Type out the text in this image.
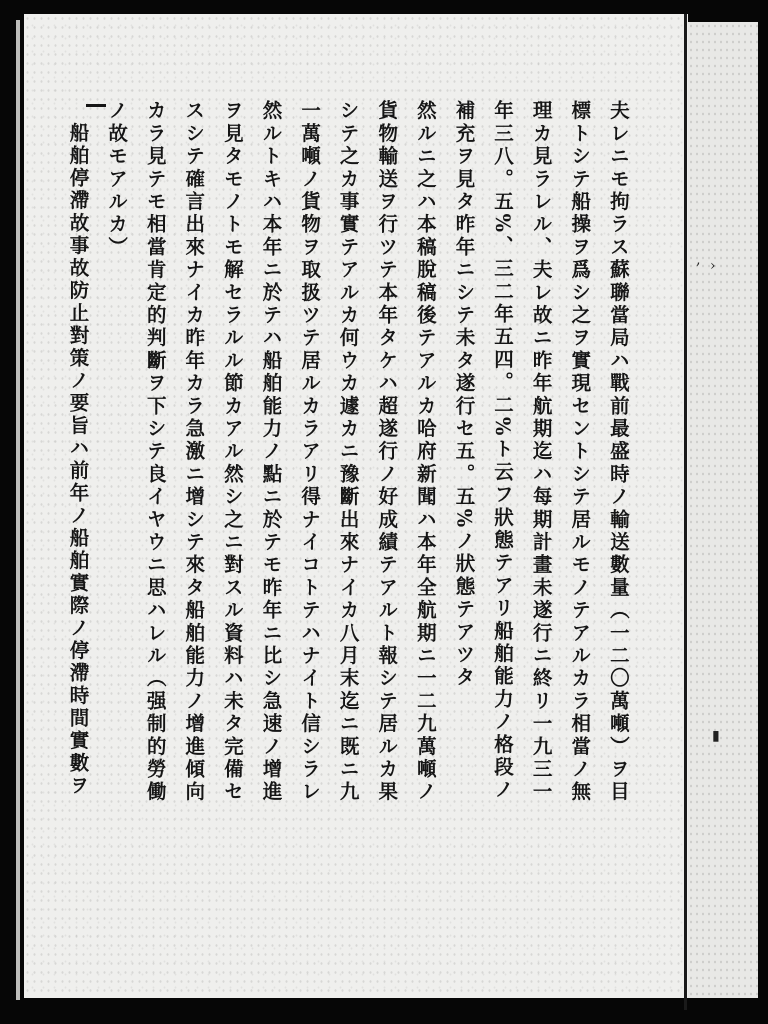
夫レニモ拘ラス蘇聯當局ハ戰前最盛時ノ輸送數量（一二〇萬噸）ヲ目
標トシテ船操ヲ爲シ之ヲ實現セントシテ居ルモノテアルカラ相當ノ無
理カ見ラレル、夫レ故ニ昨年航期迄ハ每期計畫未遂行ニ終リ一九三一
年三八。五%、三二年五四。二%ト云フ狀態テアリ船舶能力ノ格段ノ
補充ヲ見タ昨年ニシテ未タ遂行セ五。五%ノ狀態テアツタ
然ルニ之ハ本稿脫稿後テアルカ哈府新聞ハ本年全航期ニ一二九萬噸ノ
貨物輸送ヲ行ツテ本年タケハ超遂行ノ好成績テアルト報シテ居ルカ果
シテ之カ事實テアルカ何ウカ遽カニ豫斷出來ナイカ八月末迄ニ既ニ九
一萬噸ノ貨物ヲ取扱ツテ居ルカラアリ得ナイコトテハナイト信シラレ
然ルトキハ本年ニ於テハ船舶能力ノ點ニ於テモ昨年ニ比シ急速ノ增進
ヲ見タモノトモ解セラルル節カアル然シ之ニ對スル資料ハ未タ完備セ
スシテ確言出來ナイカ昨年カラ急激ニ增シテ來タ船舶能力ノ增進傾向
カラ見テモ相當肯定的判斷ヲ下シテ良イヤウニ思ハレル（强制的勞働
ノ故モアルカ）
　船舶停滯故事故防止對策ノ要旨ハ前年ノ船舶實際ノ停滯時間實數ヲ	‚ ›
▮
